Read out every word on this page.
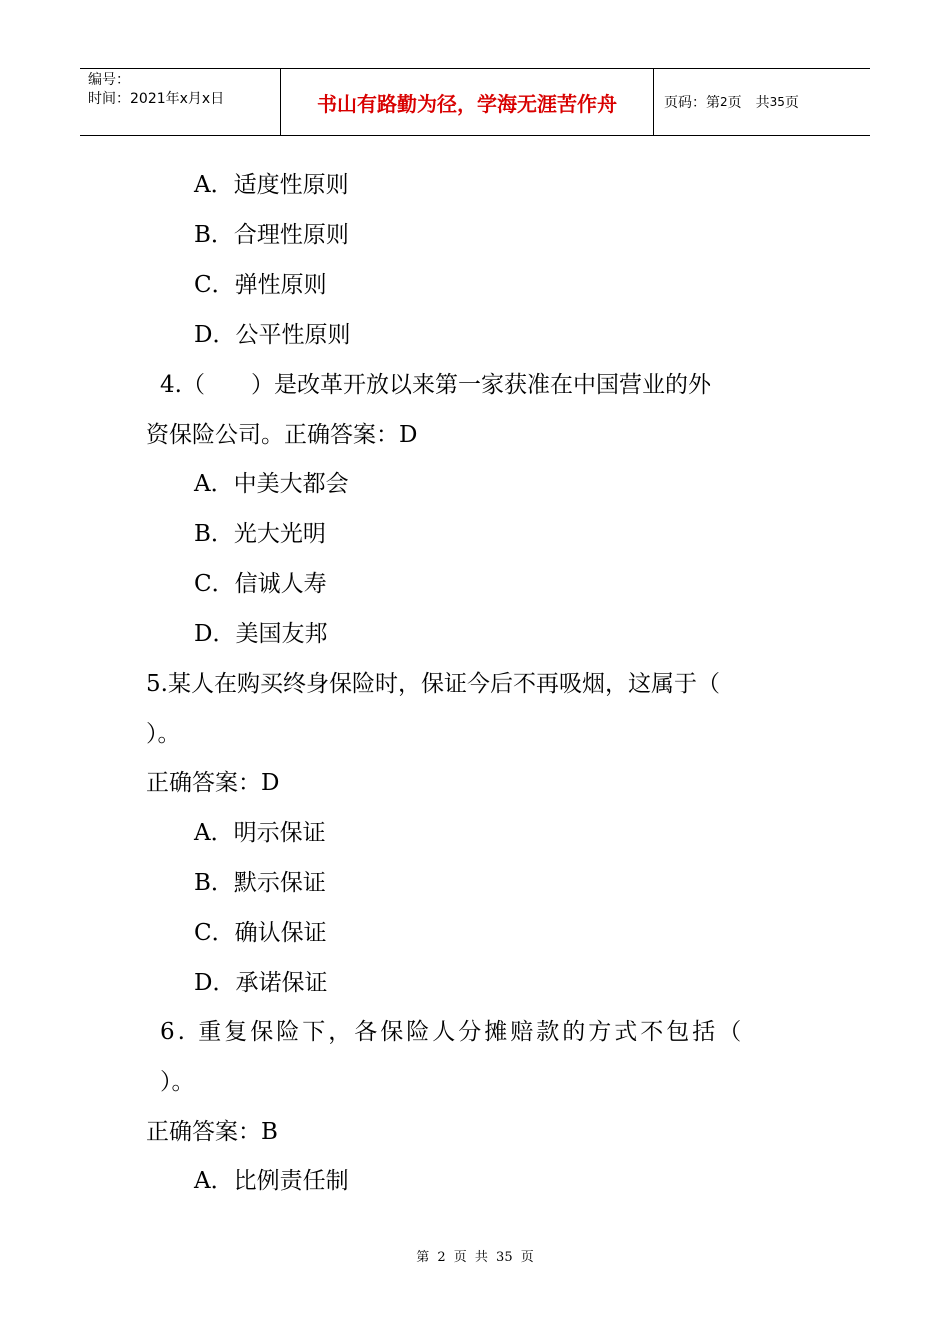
编号：
时间：2021年x月x日	书山有路勤为径，学海无涯苦作舟	页码：第 2 页　共 35 页
A．适度性原则
B．合理性原则
C．弹性原则
D．公平性原则
4.（　　）是改革开放以来第一家获准在中国营业的外
资保险公司。正确答案：D
A．中美大都会
B．光大光明
C．信诚人寿
D．美国友邦
5.某人在购买终身保险时，保证今后不再吸烟，这属于（
）。
正确答案：D
A．明示保证
B．默示保证
C．确认保证
D．承诺保证
6. 重复保险下，各保险人分摊赔款的方式不包括（
）。
正确答案：B
A．比例责任制
第 2 页 共 35 页
